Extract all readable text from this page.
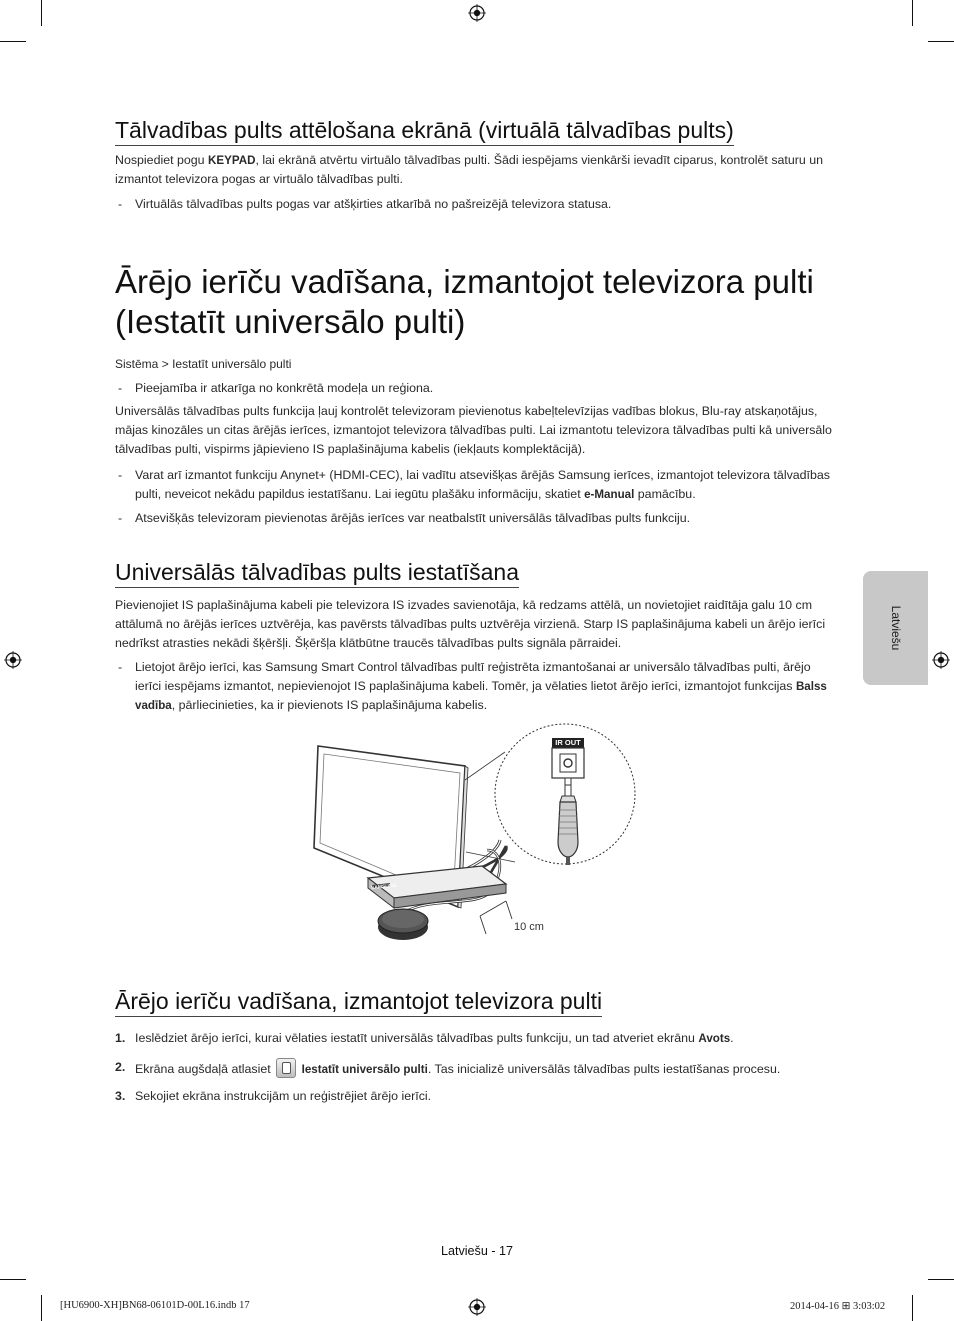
Tālvadības pults attēlošana ekrānā (virtuālā tālvadības pults)
Nospiediet pogu KEYPAD, lai ekrānā atvērtu virtuālo tālvadības pulti. Šādi iespējams vienkārši ievadīt ciparus, kontrolēt saturu un izmantot televizora pogas ar virtuālo tālvadības pulti.
- Virtuālās tālvadības pults pogas var atšķirties atkarībā no pašreizējā televizora statusa.
Ārējo ierīču vadīšana, izmantojot televizora pulti
(Iestatīt universālo pulti)
Sistēma > Iestatīt universālo pulti
- Pieejamība ir atkarīga no konkrētā modeļa un reģiona.
Universālās tālvadības pults funkcija ļauj kontrolēt televizoram pievienotus kabeļtelevīzijas vadības blokus, Blu-ray atskaņotājus, mājas kinozāles un citas ārējās ierīces, izmantojot televizora tālvadības pulti. Lai izmantotu televizora tālvadības pulti kā universālo tālvadības pulti, vispirms jāpievieno IS paplašinājuma kabelis (iekļauts komplektācijā).
- Varat arī izmantot funkciju Anynet+ (HDMI-CEC), lai vadītu atsevišķas ārējās Samsung ierīces, izmantojot televizora tālvadības pulti, neveicot nekādu papildus iestatīšanu. Lai iegūtu plašāku informāciju, skatiet e-Manual pamācību.
- Atsevišķās televizoram pievienotas ārējās ierīces var neatbalstīt universālās tālvadības pults funkciju.
Universālās tālvadības pults iestatīšana
Pievienojiet IS paplašinājuma kabeli pie televizora IS izvades savienotāja, kā redzams attēlā, un novietojiet raidītāja galu 10 cm attālumā no ārējās ierīces uztvērēja, kas pavērsts tālvadības pults uztvērēja virzienā. Starp IS paplašinājuma kabeli un ārējo ierīci nedrīkst atrasties nekādi šķēršļi. Šķēršļa klātbūtne traucēs tālvadības pults signāla pārraidei.
- Lietojot ārējo ierīci, kas Samsung Smart Control tālvadības pultī reģistrēta izmantošanai ar universālo tālvadības pulti, ārējo ierīci iespējams izmantot, nepievienojot IS paplašinājuma kabeli. Tomēr, ja vēlaties lietot ārējo ierīci, izmantojot funkcijas Balss vadība, pārliecinieties, ka ir pievienots IS paplašinājuma kabelis.
IR OUT
10 cm
SAMSUNG
Ārējo ierīču vadīšana, izmantojot televizora pulti
1. Ieslēdziet ārējo ierīci, kurai vēlaties iestatīt universālās tālvadības pults funkciju, un tad atveriet ekrānu Avots.
2. Ekrāna augšdaļā atlasiet  Iestatīt universālo pulti. Tas inicializē universālās tālvadības pults iestatīšanas procesu.
3. Sekojiet ekrāna instrukcijām un reģistrējiet ārējo ierīci.
Latviešu
Latviešu - 17
[HU6900-XH]BN68-06101D-00L16.indb 17	2014-04-16 ⊞ 3:03:02
